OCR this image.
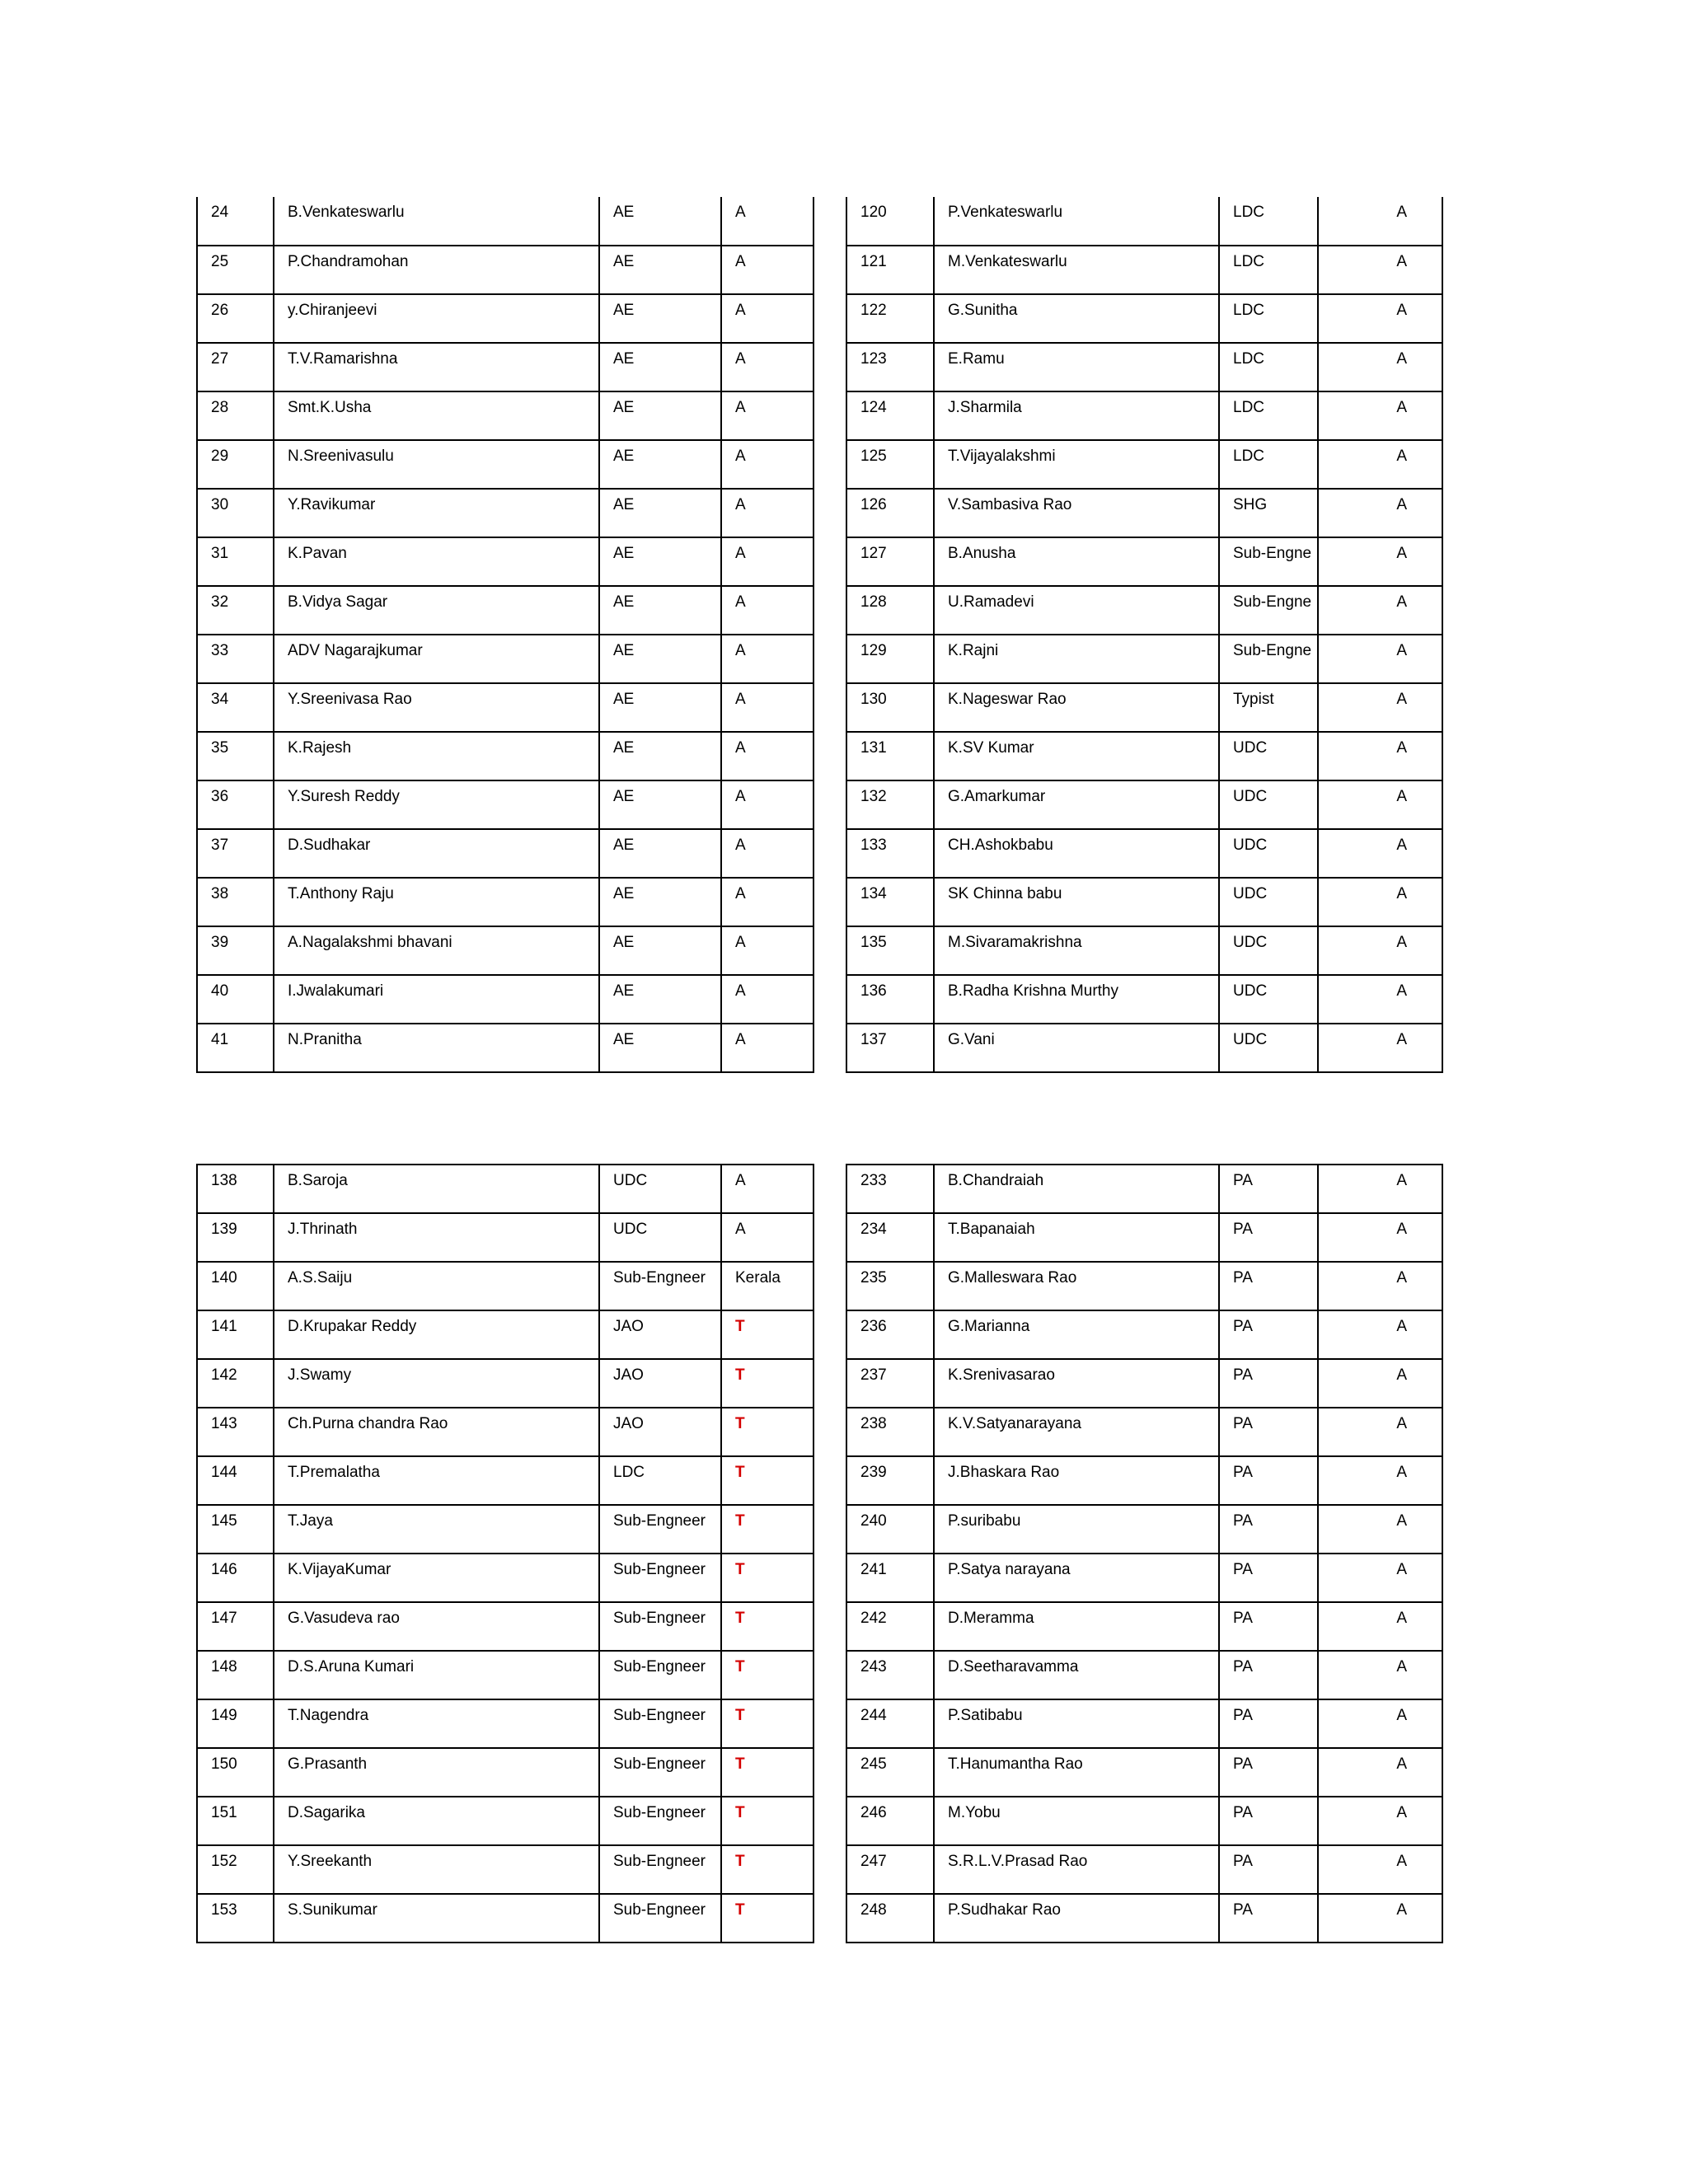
24	B.Venkateswarlu	AE	A
25	P.Chandramohan	AE	A
26	y.Chiranjeevi	AE	A
27	T.V.Ramarishna	AE	A
28	Smt.K.Usha	AE	A
29	N.Sreenivasulu	AE	A
30	Y.Ravikumar	AE	A
31	K.Pavan	AE	A
32	B.Vidya Sagar	AE	A
33	ADV Nagarajkumar	AE	A
34	Y.Sreenivasa Rao	AE	A
35	K.Rajesh	AE	A
36	Y.Suresh Reddy	AE	A
37	D.Sudhakar	AE	A
38	T.Anthony Raju	AE	A
39	A.Nagalakshmi bhavani	AE	A
40	I.Jwalakumari	AE	A
41	N.Pranitha	AE	A
120	P.Venkateswarlu	LDC	A
121	M.Venkateswarlu	LDC	A
122	G.Sunitha	LDC	A
123	E.Ramu	LDC	A
124	J.Sharmila	LDC	A
125	T.Vijayalakshmi	LDC	A
126	V.Sambasiva Rao	SHG	A
127	B.Anusha	Sub-Engne	A
128	U.Ramadevi	Sub-Engne	A
129	K.Rajni	Sub-Engne	A
130	K.Nageswar Rao	Typist	A
131	K.SV Kumar	UDC	A
132	G.Amarkumar	UDC	A
133	CH.Ashokbabu	UDC	A
134	SK Chinna babu	UDC	A
135	M.Sivaramakrishna	UDC	A
136	B.Radha Krishna Murthy	UDC	A
137	G.Vani	UDC	A
138	B.Saroja	UDC	A
139	J.Thrinath	UDC	A
140	A.S.Saiju	Sub-Engneer	Kerala
141	D.Krupakar Reddy	JAO	T
142	J.Swamy	JAO	T
143	Ch.Purna chandra Rao	JAO	T
144	T.Premalatha	LDC	T
145	T.Jaya	Sub-Engneer	T
146	K.VijayaKumar	Sub-Engneer	T
147	G.Vasudeva rao	Sub-Engneer	T
148	D.S.Aruna Kumari	Sub-Engneer	T
149	T.Nagendra	Sub-Engneer	T
150	G.Prasanth	Sub-Engneer	T
151	D.Sagarika	Sub-Engneer	T
152	Y.Sreekanth	Sub-Engneer	T
153	S.Sunikumar	Sub-Engneer	T
233	B.Chandraiah	PA	A
234	T.Bapanaiah	PA	A
235	G.Malleswara Rao	PA	A
236	G.Marianna	PA	A
237	K.Srenivasarao	PA	A
238	K.V.Satyanarayana	PA	A
239	J.Bhaskara Rao	PA	A
240	P.suribabu	PA	A
241	P.Satya narayana	PA	A
242	D.Meramma	PA	A
243	D.Seetharavamma	PA	A
244	P.Satibabu	PA	A
245	T.Hanumantha Rao	PA	A
246	M.Yobu	PA	A
247	S.R.L.V.Prasad Rao	PA	A
248	P.Sudhakar Rao	PA	A
